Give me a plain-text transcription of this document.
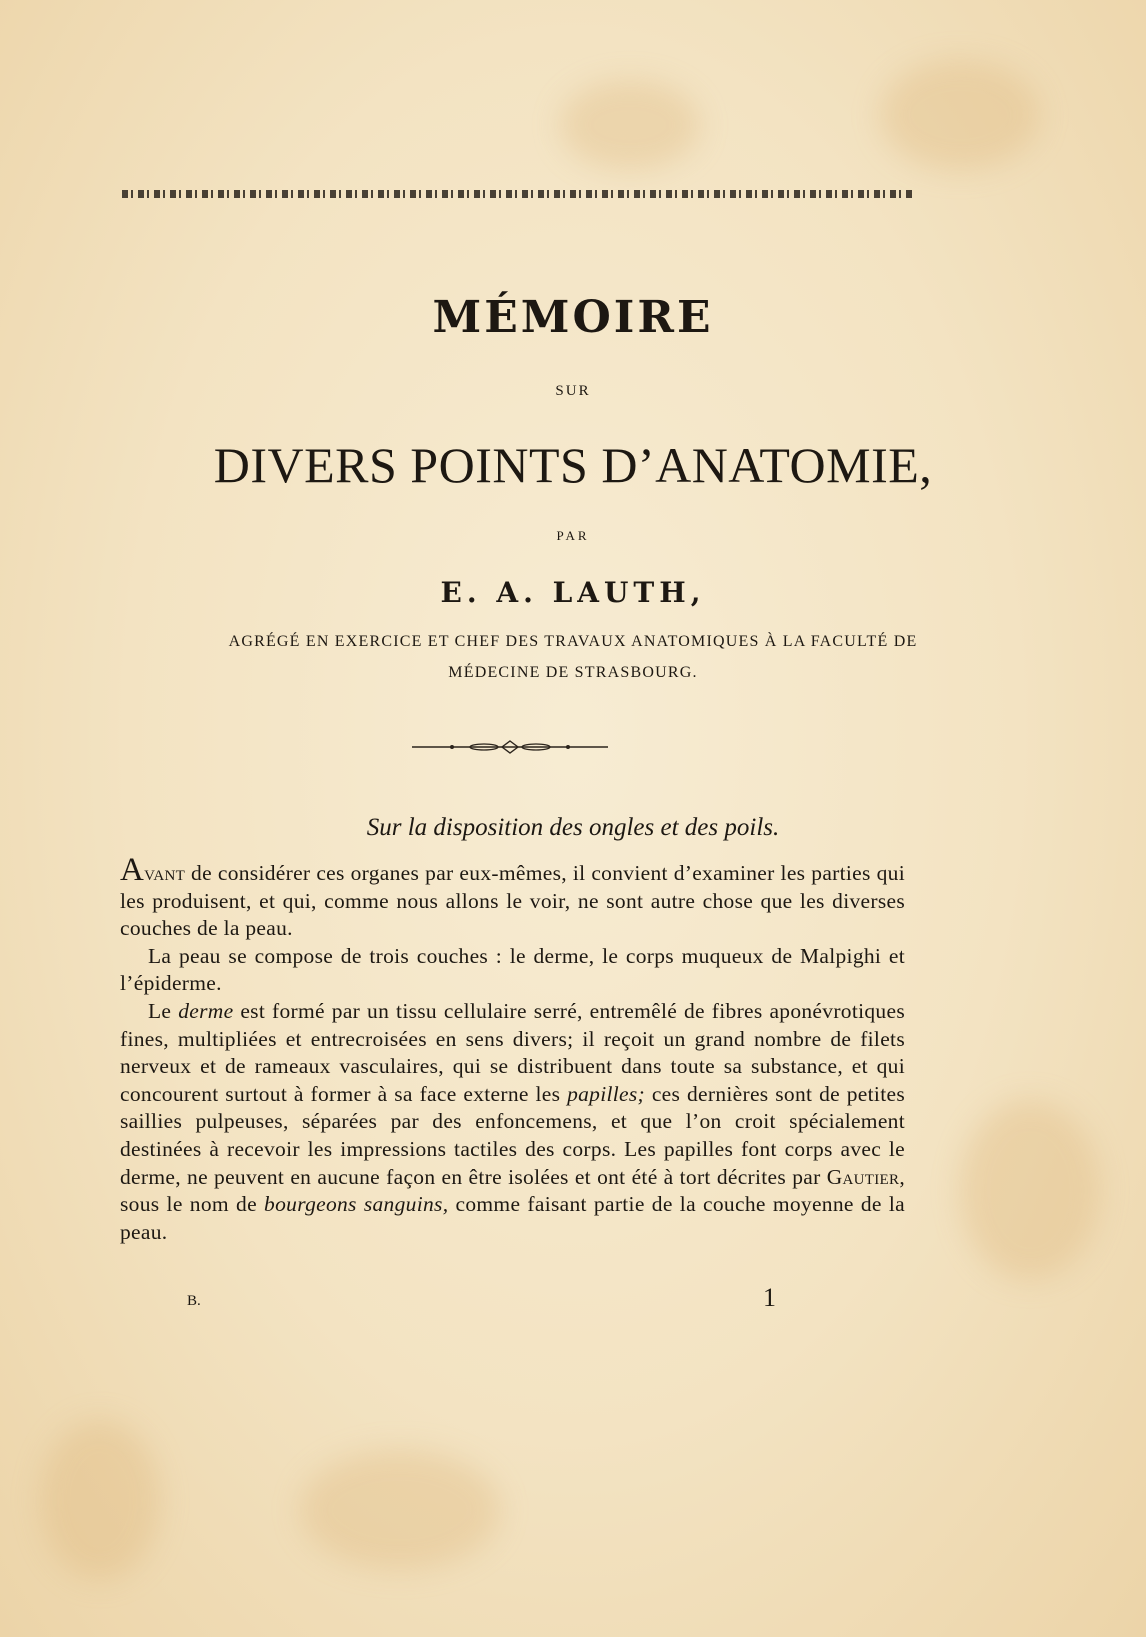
MÉMOIRE
SUR
DIVERS POINTS D’ANATOMIE,
PAR
E. A. LAUTH,
AGRÉGÉ EN EXERCICE ET CHEF DES TRAVAUX ANATOMIQUES À LA FACULTÉ DE
MÉDECINE DE STRASBOURG.
Sur la disposition des ongles et des poils.

Avant de considérer ces organes par eux-mêmes, il convient d’examiner les parties qui les produisent, et qui, comme nous allons le voir, ne sont autre chose que les diverses couches de la peau.

La peau se compose de trois couches : le derme, le corps muqueux de Malpighi et l’épiderme.

Le derme est formé par un tissu cellulaire serré, entremêlé de fibres aponévrotiques fines, multipliées et entrecroisées en sens divers; il reçoit un grand nombre de filets nerveux et de rameaux vasculaires, qui se distribuent dans toute sa substance, et qui concourent surtout à former à sa face externe les papilles; ces dernières sont de petites saillies pulpeuses, séparées par des enfoncemens, et que l’on croit spécialement destinées à recevoir les impressions tactiles des corps. Les papilles font corps avec le derme, ne peuvent en aucune façon en être isolées et ont été à tort décrites par Gautier, sous le nom de bourgeons sanguins, comme faisant partie de la couche moyenne de la peau.

B.	1
